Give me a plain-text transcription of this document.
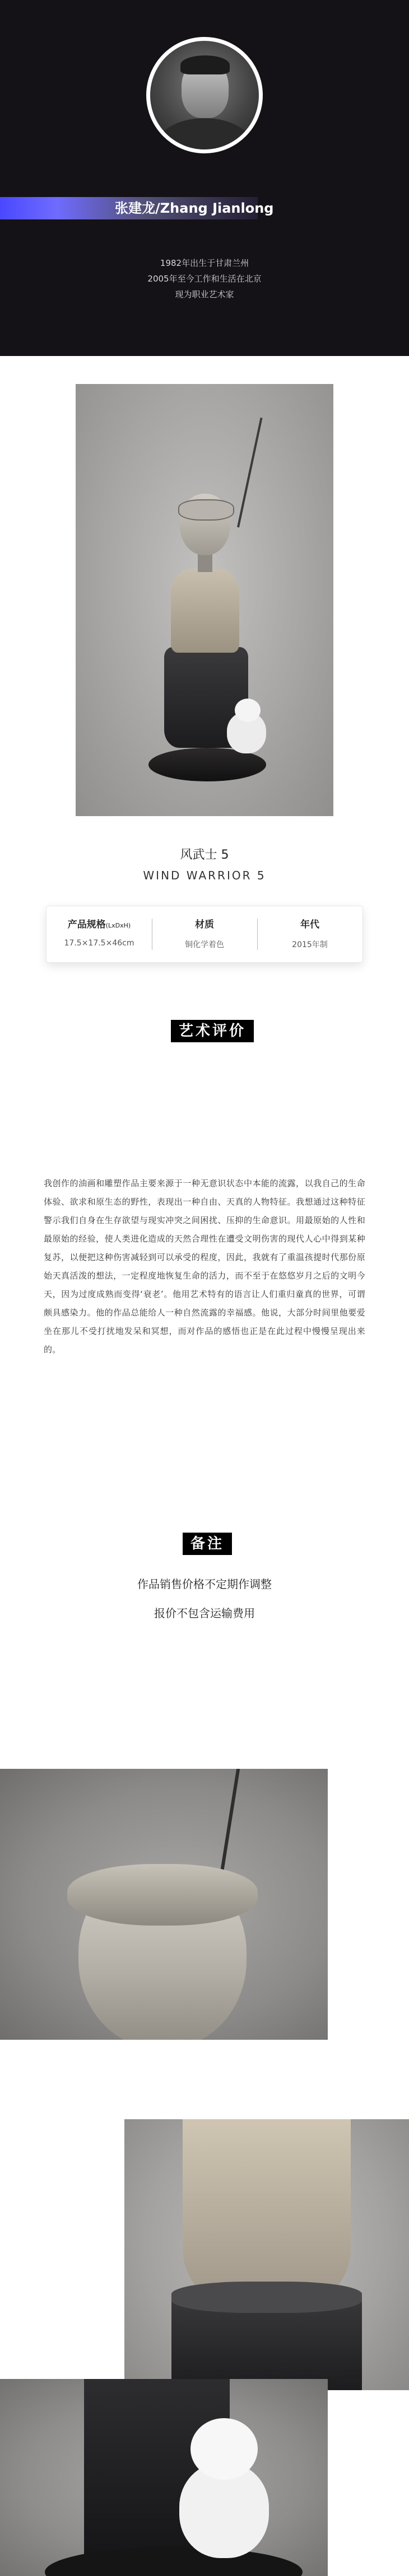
张建龙/Zhang Jianlong
1982年出生于甘肃兰州
2005年至今工作和生活在北京
现为职业艺术家
风武士 5
WIND WARRIOR 5
产品规格(LxDxH)
17.5×17.5×46cm
材质
铜化学着色
年代
2015年制
艺术评价
我创作的油画和雕塑作品主要来源于一种无意识状态中本能的流露，以我自己的生命体验、欲求和原生态的野性，表现出一种自由、天真的人物特征。我想通过这种特征警示我们自身在生存欲望与现实冲突之间困扰、压抑的生命意识。用最原始的人性和最原始的经验，使人类进化造成的天然合理性在遭受文明伤害的现代人心中得到某种复苏，以便把这种伤害减轻到可以承受的程度，因此，我就有了重温孩提时代那份原始天真活泼的想法，一定程度地恢复生命的活力，而不至于在悠悠岁月之后的文明今天，因为过度成熟而变得‘衰老’。他用艺术特有的语言让人们重归童真的世界，可谓颇具感染力。他的作品总能给人一种自然流露的幸福感。他说，大部分时间里他要爱坐在那儿不受打扰地发呆和冥想，而对作品的感悟也正是在此过程中慢慢呈现出来的。
备注
作品销售价格不定期作调整
报价不包含运输费用
